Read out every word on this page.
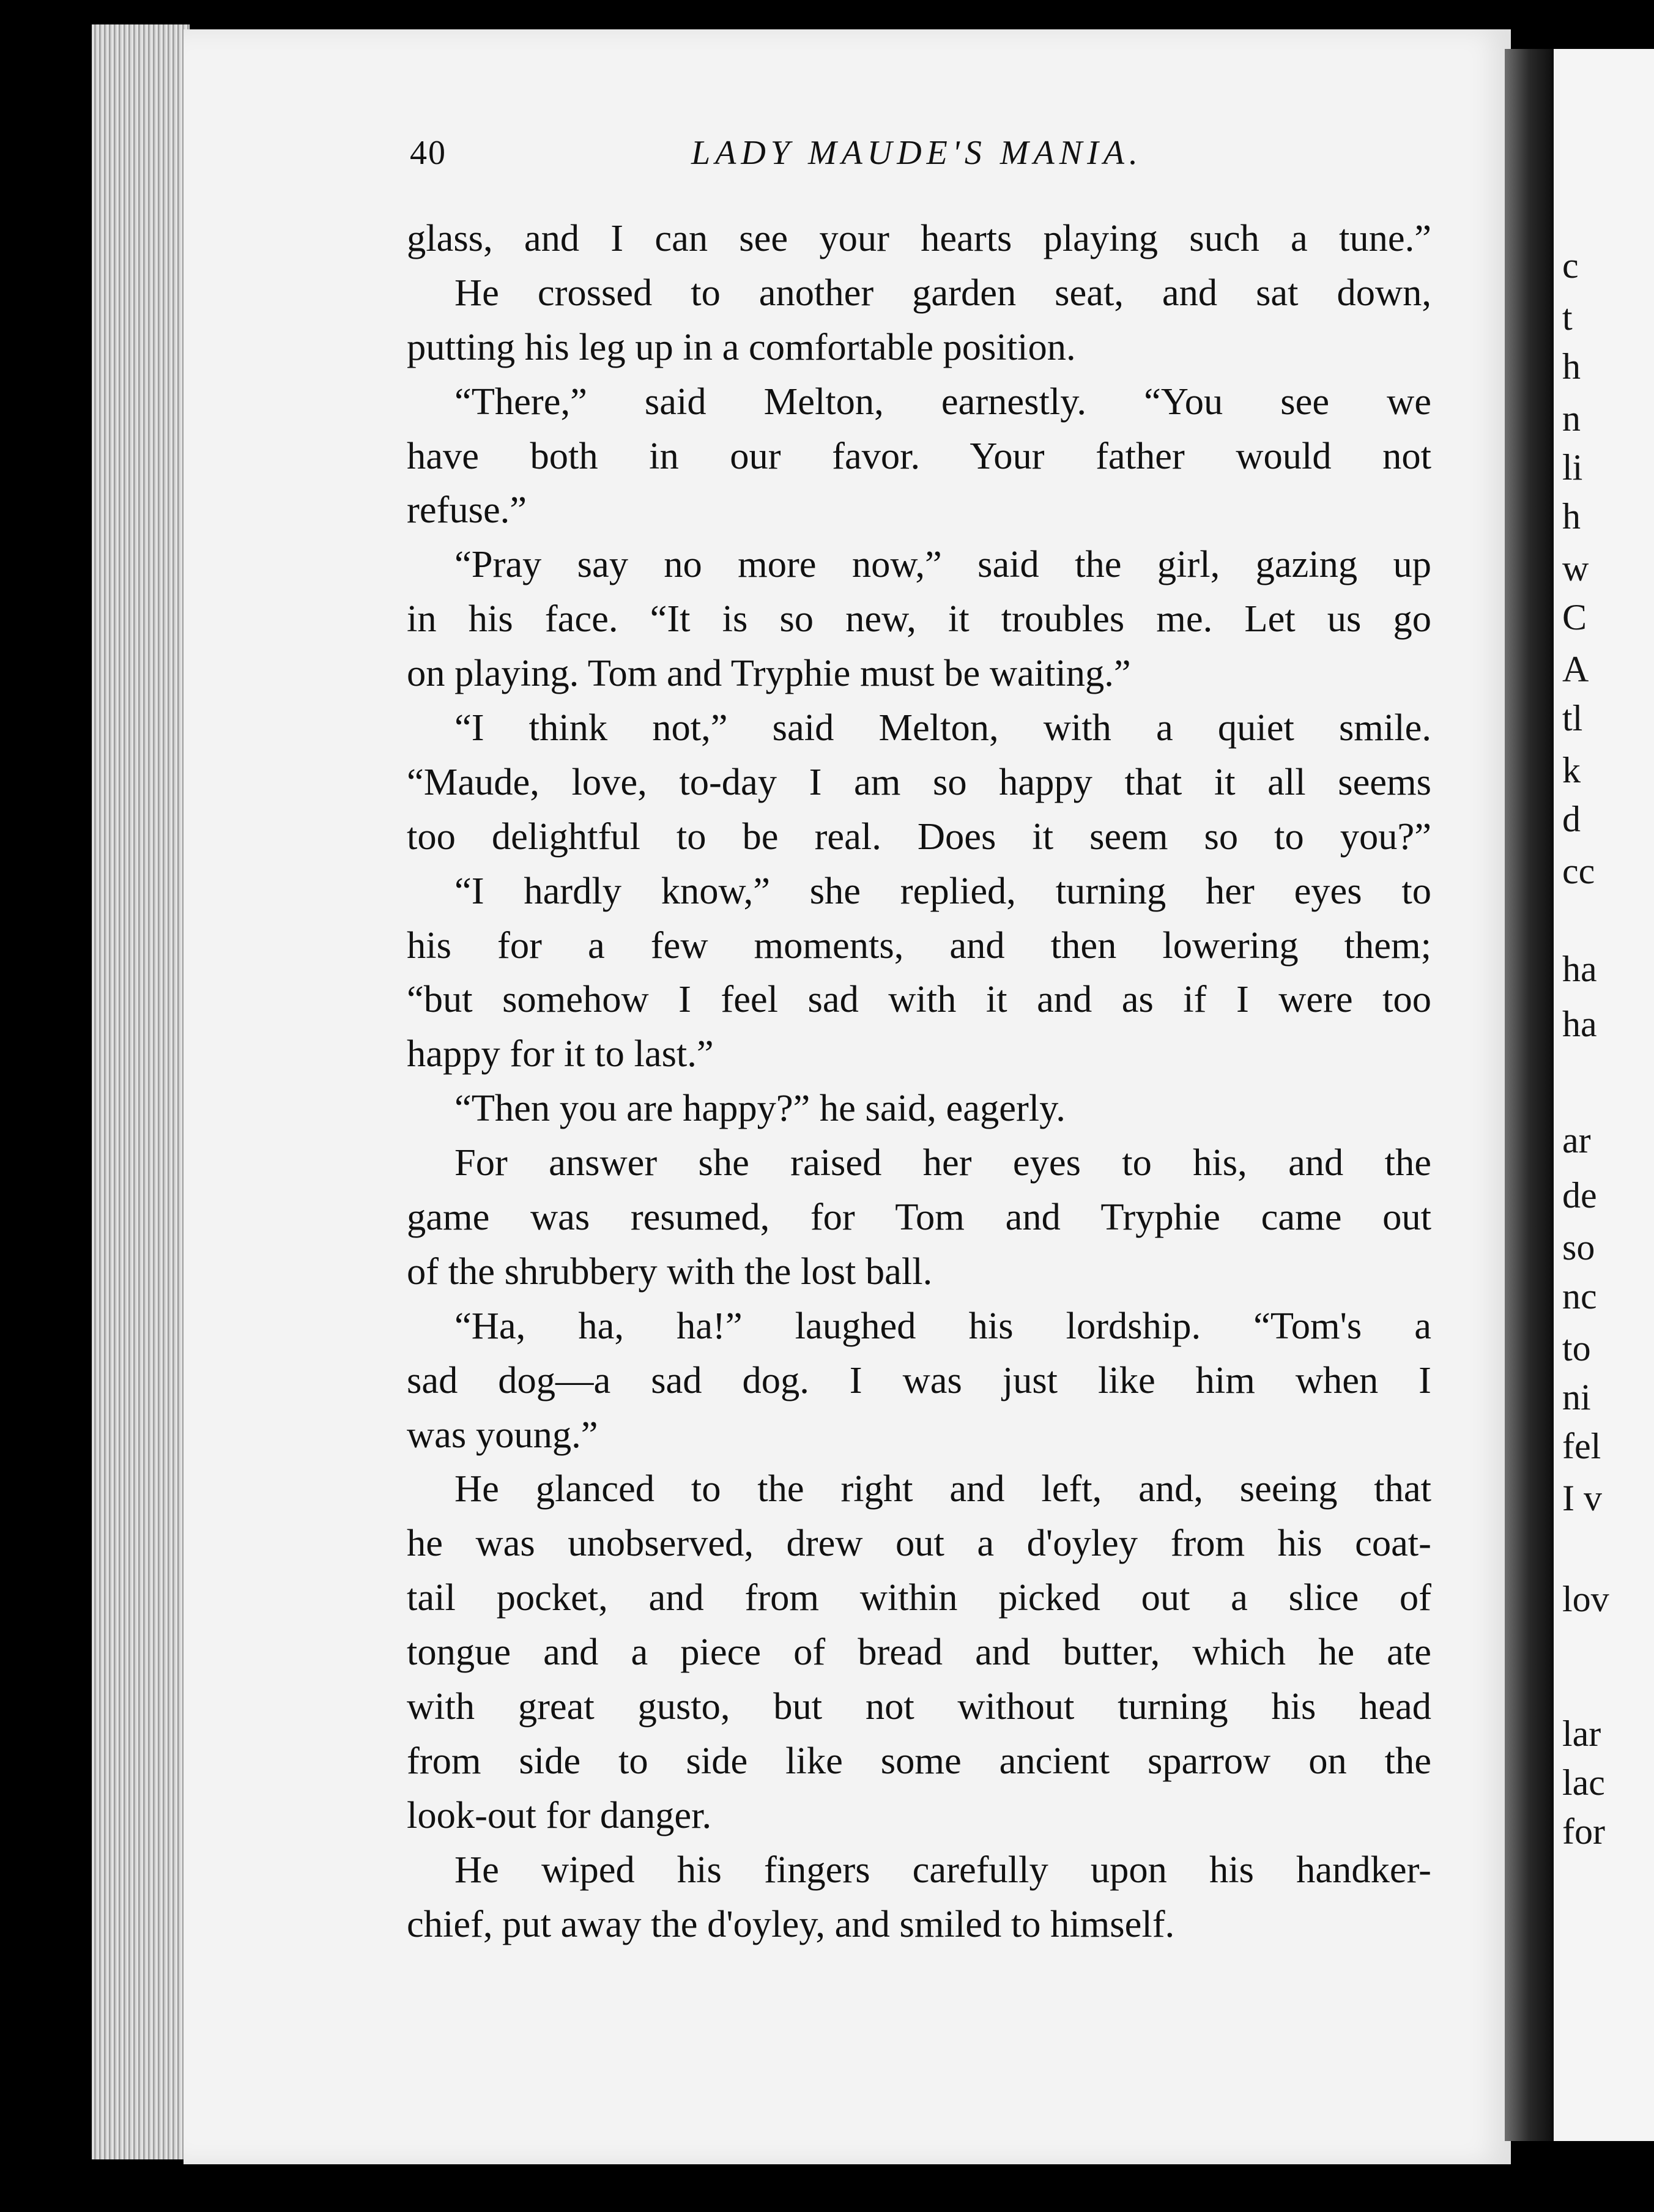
c
t
h
n
li
h
w
C
A
tl
k
d
cc
ha
ha
ar
de
so
nc
to
ni
fel
I v
lov
lar
lac
for
40	LADY MAUDE'S MANIA.
glass, and I can see your hearts playing such a tune.”
He crossed to another garden seat, and sat down,
putting his leg up in a comfortable position.
“There,” said Melton, earnestly. “You see we
have both in our favor. Your father would not
refuse.”
“Pray say no more now,” said the girl, gazing up
in his face. “It is so new, it troubles me. Let us go
on playing. Tom and Tryphie must be waiting.”
“I think not,” said Melton, with a quiet smile.
“Maude, love, to-day I am so happy that it all seems
too delightful to be real. Does it seem so to you?”
“I hardly know,” she replied, turning her eyes to
his for a few moments, and then lowering them;
“but somehow I feel sad with it and as if I were too
happy for it to last.”
“Then you are happy?” he said, eagerly.
For answer she raised her eyes to his, and the
game was resumed, for Tom and Tryphie came out
of the shrubbery with the lost ball.
“Ha, ha, ha!” laughed his lordship. “Tom's a
sad dog—a sad dog. I was just like him when I
was young.”
He glanced to the right and left, and, seeing that
he was unobserved, drew out a d'oyley from his coat-
tail pocket, and from within picked out a slice of
tongue and a piece of bread and butter, which he ate
with great gusto, but not without turning his head
from side to side like some ancient sparrow on the
look-out for danger.
He wiped his fingers carefully upon his handker-
chief, put away the d'oyley, and smiled to himself.
